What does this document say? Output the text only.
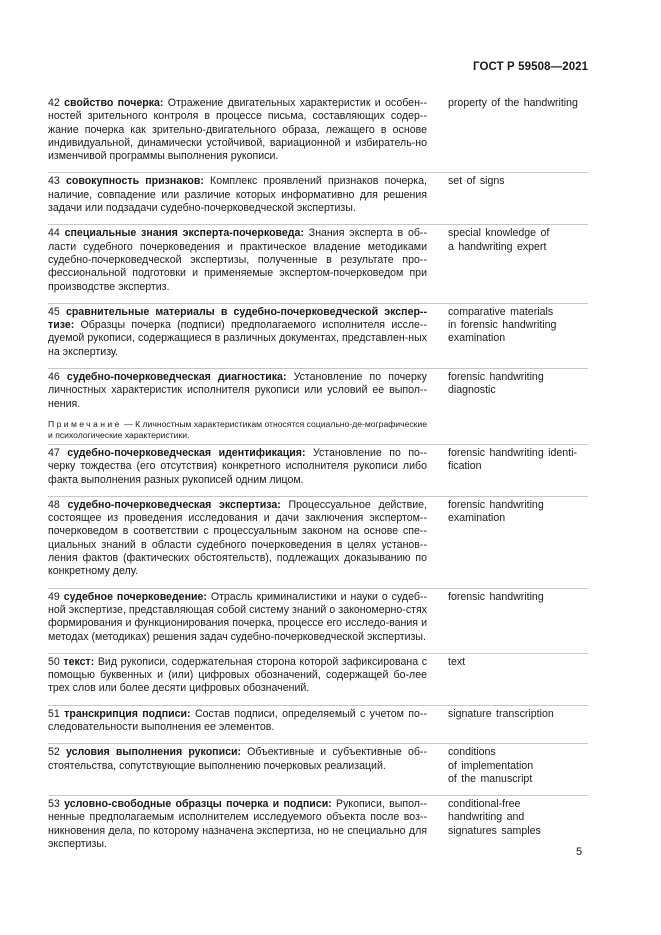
ГОСТ Р 59508—2021
42 свойство почерка: Отражение двигательных характеристик и особен-ностей зрительного контроля в процессе письма, составляющих содер-жание почерка как зрительно-двигательного образа, лежащего в основе индивидуальной, динамически устойчивой, вариационной и избиратель-но изменчивой программы выполнения рукописи.
property of the handwriting
43 совокупность признаков: Комплекс проявлений признаков почерка, наличие, совпадение или различие которых информативно для решения задачи или подзадачи судебно-почерковедческой экспертизы.
set of signs
44 специальные знания эксперта-почерковеда: Знания эксперта в об-ласти судебного почерковедения и практическое владение методиками судебно-почерковедческой экспертизы, полученные в результате про-фессиональной подготовки и применяемые экспертом-почерковедом при производстве экспертиз.
special knowledge of
a handwriting expert
45 сравнительные материалы в судебно-почерковедческой экспер-тизе: Образцы почерка (подписи) предполагаемого исполнителя иссле-дуемой рукописи, содержащиеся в различных документах, представлен-ных на экспертизу.
comparative materials
in forensic handwriting
examination
46 судебно-почерковедческая диагностика: Установление по почерку личностных характеристик исполнителя рукописи или условий ее выпол-нения.
Примечание — К личностным характеристикам относятся социально-де-мографические и психологические характеристики.
forensic handwriting
diagnostic
47 судебно-почерковедческая идентификация: Установление по по-черку тождества (его отсутствия) конкретного исполнителя рукописи либо факта выполнения разных рукописей одним лицом.
forensic handwriting identi-
fication
48 судебно-почерковедческая экспертиза: Процессуальное действие, состоящее из проведения исследования и дачи заключения экспертом-почерковедом в соответствии с процессуальным законом на основе спе-циальных знаний в области судебного почерковедения в целях установ-ления фактов (фактических обстоятельств), подлежащих доказыванию по конкретному делу.
forensic handwriting
examination
49 судебное почерковедение: Отрасль криминалистики и науки о судеб-ной экспертизе, представляющая собой систему знаний о закономерно-стях формирования и функционирования почерка, процессе его исследо-вания и методах (методиках) решения задач судебно-почерковедческой экспертизы.
forensic handwriting
50 текст: Вид рукописи, содержательная сторона которой зафиксирована с помощью буквенных и (или) цифровых обозначений, содержащей бо-лее трех слов или более десяти цифровых обозначений.
text
51 транскрипция подписи: Состав подписи, определяемый с учетом по-следовательности выполнения ее элементов.
signature transcription
52 условия выполнения рукописи: Объективные и субъективные об-стоятельства, сопутствующие выполнению почерковых реализаций.
conditions
of implementation
of the manuscript
53 условно-свободные образцы почерка и подписи: Рукописи, выпол-ненные предполагаемым исполнителем исследуемого объекта после воз-никновения дела, по которому назначена экспертиза, но не специально для экспертизы.
conditional-free
handwriting and
signatures samples
5
